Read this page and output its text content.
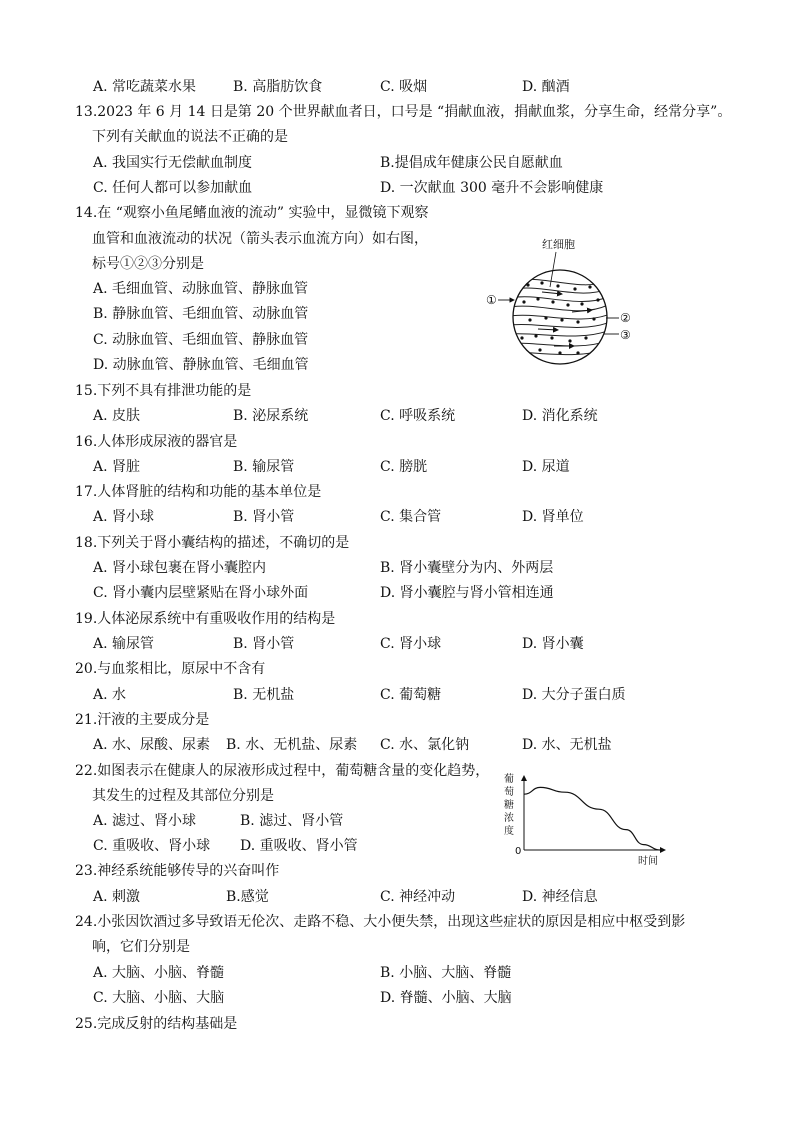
A. 常吃蔬菜水果	B. 高脂肪饮食	C. 吸烟	D. 酗酒
13.2023 年 6 月 14 日是第 20 个世界献血者日，口号是 “捐献血液，捐献血浆，分享生命，经常分享”。
下列有关献血的说法不正确的是
A. 我国实行无偿献血制度	B.提倡成年健康公民自愿献血
C. 任何人都可以参加献血	D. 一次献血 300 毫升不会影响健康
14.在 “观察小鱼尾鳍血液的流动” 实验中，显微镜下观察
血管和血液流动的状况（箭头表示血流方向）如右图，
标号①②③分别是
A. 毛细血管、动脉血管、静脉血管
B. 静脉血管、毛细血管、动脉血管
C. 动脉血管、毛细血管、静脉血管
D. 动脉血管、静脉血管、毛细血管
红细胞
①
②
③
15.下列不具有排泄功能的是
A. 皮肤	B. 泌尿系统	C. 呼吸系统	D. 消化系统
16.人体形成尿液的器官是
A. 肾脏	B. 输尿管	C. 膀胱	D. 尿道
17.人体肾脏的结构和功能的基本单位是
A. 肾小球	B. 肾小管	C. 集合管	D. 肾单位
18.下列关于肾小囊结构的描述，不确切的是
A. 肾小球包裹在肾小囊腔内	B. 肾小囊壁分为内、外两层
C. 肾小囊内层壁紧贴在肾小球外面	D. 肾小囊腔与肾小管相连通
19.人体泌尿系统中有重吸收作用的结构是
A. 输尿管	B. 肾小管	C. 肾小球	D. 肾小囊
20.与血浆相比，原尿中不含有
A. 水	B. 无机盐	C. 葡萄糖	D. 大分子蛋白质
21.汗液的主要成分是
A. 水、尿酸、尿素 B. 水、无机盐、尿素 C. 水、氯化钠	D. 水、无机盐
22.如图表示在健康人的尿液形成过程中，葡萄糖含量的变化趋势，
其发生的过程及其部位分别是
A. 滤过、肾小球	B. 滤过、肾小管
C. 重吸收、肾小球 D. 重吸收、肾小管
葡
萄
糖
浓
度
0
时间
23.神经系统能够传导的兴奋叫作
A. 刺激	B.感觉	C. 神经冲动	D. 神经信息
24.小张因饮酒过多导致语无伦次、走路不稳、大小便失禁，出现这些症状的原因是相应中枢受到影
响，它们分别是
A. 大脑、小脑、脊髓	B. 小脑、大脑、脊髓
C. 大脑、小脑、大脑	D. 脊髓、小脑、大脑
25.完成反射的结构基础是
